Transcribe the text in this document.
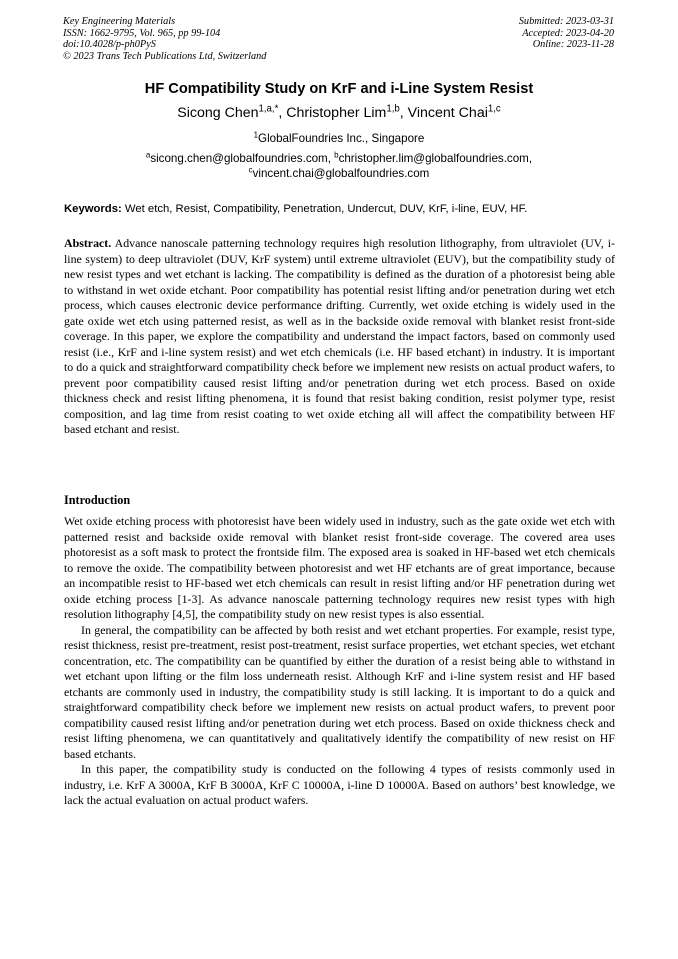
Key Engineering Materials
ISSN: 1662-9795, Vol. 965, pp 99-104
doi:10.4028/p-ph0PyS
© 2023 Trans Tech Publications Ltd, Switzerland
Submitted: 2023-03-31
Accepted: 2023-04-20
Online: 2023-11-28
HF Compatibility Study on KrF and i-Line System Resist
Sicong Chen$^{1,a,*}$, Christopher Lim$^{1,b}$, Vincent Chai$^{1,c}$
$^1$GlobalFoundries Inc., Singapore
$^a$sicong.chen@globalfoundries.com, $^b$christopher.lim@globalfoundries.com,
$^c$vincent.chai@globalfoundries.com
Keywords: Wet etch, Resist, Compatibility, Penetration, Undercut, DUV, KrF, i-line, EUV, HF.
Abstract. Advance nanoscale patterning technology requires high resolution lithography, from ultraviolet (UV, i-line system) to deep ultraviolet (DUV, KrF system) until extreme ultraviolet (EUV), but the compatibility study of new resist types and wet etchant is lacking. The compatibility is defined as the duration of a photoresist being able to withstand in wet oxide etchant. Poor compatibility has potential resist lifting and/or penetration during wet etch process, which causes electronic device performance drifting. Currently, wet oxide etching is widely used in the gate oxide wet etch using patterned resist, as well as in the backside oxide removal with blanket resist front-side coverage. In this paper, we explore the compatibility and understand the impact factors, based on commonly used resist (i.e., KrF and i-line system resist) and wet etch chemicals (i.e. HF based etchant) in industry. It is important to do a quick and straightforward compatibility check before we implement new resists on actual product wafers, to prevent poor compatibility caused resist lifting and/or penetration during wet etch process. Based on oxide thickness check and resist lifting phenomena, it is found that resist baking condition, resist polymer type, resist composition, and lag time from resist coating to wet oxide etching all will affect the compatibility between HF based etchant and resist.
Introduction

Wet oxide etching process with photoresist have been widely used in industry, such as the gate oxide wet etch with patterned resist and backside oxide removal with blanket resist front-side coverage. The covered area uses photoresist as a soft mask to protect the frontside film. The exposed area is soaked in HF-based wet etch chemicals to remove the oxide. The compatibility between photoresist and wet HF etchants are of great importance, because an incompatible resist to HF-based wet etch chemicals can result in resist lifting and/or HF penetration during wet oxide etching process [1-3]. As advance nanoscale patterning technology requires new resist types with high resolution lithography [4,5], the compatibility study on new resist types is also essential.

In general, the compatibility can be affected by both resist and wet etchant properties. For example, resist type, resist thickness, resist pre-treatment, resist post-treatment, resist surface properties, wet etchant species, wet etchant concentration, etc. The compatibility can be quantified by either the duration of a resist being able to withstand in wet etchant upon lifting or the film loss underneath resist. Although KrF and i-line system resist and HF based etchants are commonly used in industry, the compatibility study is still lacking. It is important to do a quick and straightforward compatibility check before we implement new resists on actual product wafers, to prevent poor compatibility caused resist lifting and/or penetration during wet etch process. Based on oxide thickness check and resist lifting phenomena, we can quantitatively and qualitatively identify the compatibility of new resist on HF based etchants.

In this paper, the compatibility study is conducted on the following 4 types of resists commonly used in industry, i.e. KrF A 3000A, KrF B 3000A, KrF C 10000A, i-line D 10000A. Based on authors’ best knowledge, we lack the actual evaluation on actual product wafers.
